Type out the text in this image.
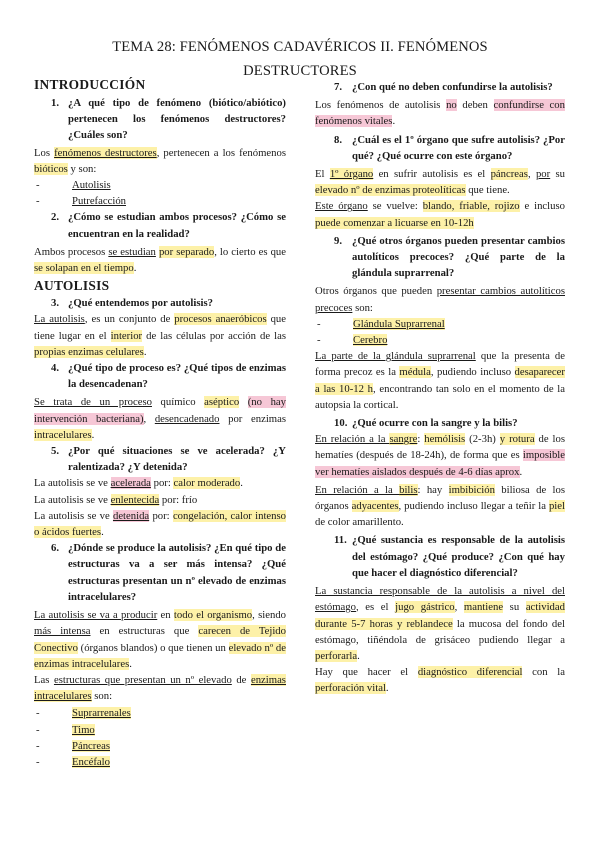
TEMA 28: FENÓMENOS CADAVÉRICOS II. FENÓMENOS
DESTRUCTORES

INTRODUCCIÓN

1. ¿A qué tipo de fenómeno (biótico/abiótico) pertenecen los fenómenos destructores? ¿Cuáles son?

Los fenómenos destructores, pertenecen a los fenómenos bióticos y son:

- Autolisis

- Putrefacción

2. ¿Cómo se estudian ambos procesos? ¿Cómo se encuentran en la realidad?

Ambos procesos se estudian por separado, lo cierto es que se solapan en el tiempo.

AUTOLISIS

3. ¿Qué entendemos por autolisis?

La autolisis, es un conjunto de procesos anaeróbicos que tiene lugar en el interior de las células por acción de las propias enzimas celulares.

4. ¿Qué tipo de proceso es? ¿Qué tipos de enzimas la desencadenan?

Se trata de un proceso químico aséptico (no hay intervención bacteriana), desencadenado por enzimas intracelulares.

5. ¿Por qué situaciones se ve acelerada? ¿Y ralentizada? ¿Y detenida?

La autolisis se ve acelerada por: calor moderado.

La autolisis se ve enlentecida por: frío

La autolisis se ve detenida por: congelación, calor intenso o ácidos fuertes.

6. ¿Dónde se produce la autolisis? ¿En qué tipo de estructuras va a ser más intensa? ¿Qué estructuras presentan un nº elevado de enzimas intracelulares?

La autolisis se va a producir en todo el organismo, siendo más intensa en estructuras que carecen de Tejido Conectivo (órganos blandos) o que tienen un elevado nº de enzimas intracelulares.

Las estructuras que presentan un nº elevado de enzimas intracelulares son:

- Suprarrenales

- Timo

- Páncreas

- Encéfalo

7. ¿Con qué no deben confundirse la autolisis?

Los fenómenos de autolisis no deben confundirse con fenómenos vitales.

8. ¿Cuál es el 1º órgano que sufre autolisis? ¿Por qué? ¿Qué ocurre con este órgano?

El 1º órgano en sufrir autolisis es el páncreas, por su elevado nº de enzimas proteolíticas que tiene.

Este órgano se vuelve: blando, friable, rojizo e incluso puede comenzar a licuarse en 10-12h

9. ¿Qué otros órganos pueden presentar cambios autolíticos precoces? ¿Qué parte de la glándula suprarrenal?

Otros órganos que pueden presentar cambios autolíticos precoces son:

- Glándula Suprarrenal

- Cerebro

La parte de la glándula suprarrenal que la presenta de forma precoz es la médula, pudiendo incluso desaparecer a las 10-12 h, encontrando tan solo en el momento de la autopsia la cortical.

10. ¿Qué ocurre con la sangre y la bilis?

En relación a la sangre: hemólisis (2-3h) y rotura de los hematíes (después de 18-24h), de forma que es imposible ver hematíes aislados después de 4-6 días aprox.

En relación a la bilis: hay imbibición biliosa de los órganos adyacentes, pudiendo incluso llegar a teñir la piel de color amarillento.

11. ¿Qué sustancia es responsable de la autolisis del estómago? ¿Qué produce? ¿Con qué hay que hacer el diagnóstico diferencial?

La sustancia responsable de la autolisis a nivel del estómago, es el jugo gástrico, mantiene su actividad durante 5-7 horas y reblandece la mucosa del fondo del estómago, tiñéndola de grisáceo pudiendo llegar a perforarla.

Hay que hacer el diagnóstico diferencial con la perforación vital.
